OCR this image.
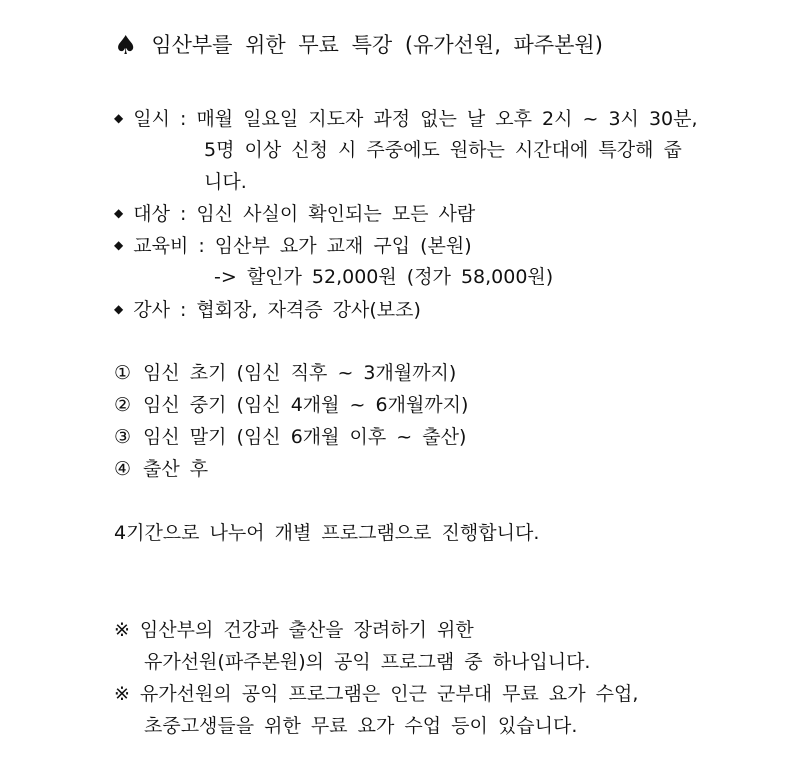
♠ 임산부를 위한 무료 특강 (유가선원, 파주본원)
◆ 일시 : 매월 일요일 지도자 과정 없는 날 오후 2시 ~ 3시 30분,
5명 이상 신청 시 주중에도 원하는 시간대에 특강해 줍
니다.
◆ 대상 : 임신 사실이 확인되는 모든 사람
◆ 교육비 : 임산부 요가 교재 구입 (본원)
-> 할인가 52,000원 (정가 58,000원)
◆ 강사 : 협회장, 자격증 강사(보조)
① 임신 초기 (임신 직후 ~ 3개월까지)
② 임신 중기 (임신 4개월 ~ 6개월까지)
③ 임신 말기 (임신 6개월 이후 ~ 출산)
④ 출산 후
4기간으로 나누어 개별 프로그램으로 진행합니다.
※ 임산부의 건강과 출산을 장려하기 위한
유가선원(파주본원)의 공익 프로그램 중 하나입니다.
※ 유가선원의 공익 프로그램은 인근 군부대 무료 요가 수업,
초중고생들을 위한 무료 요가 수업 등이 있습니다.
